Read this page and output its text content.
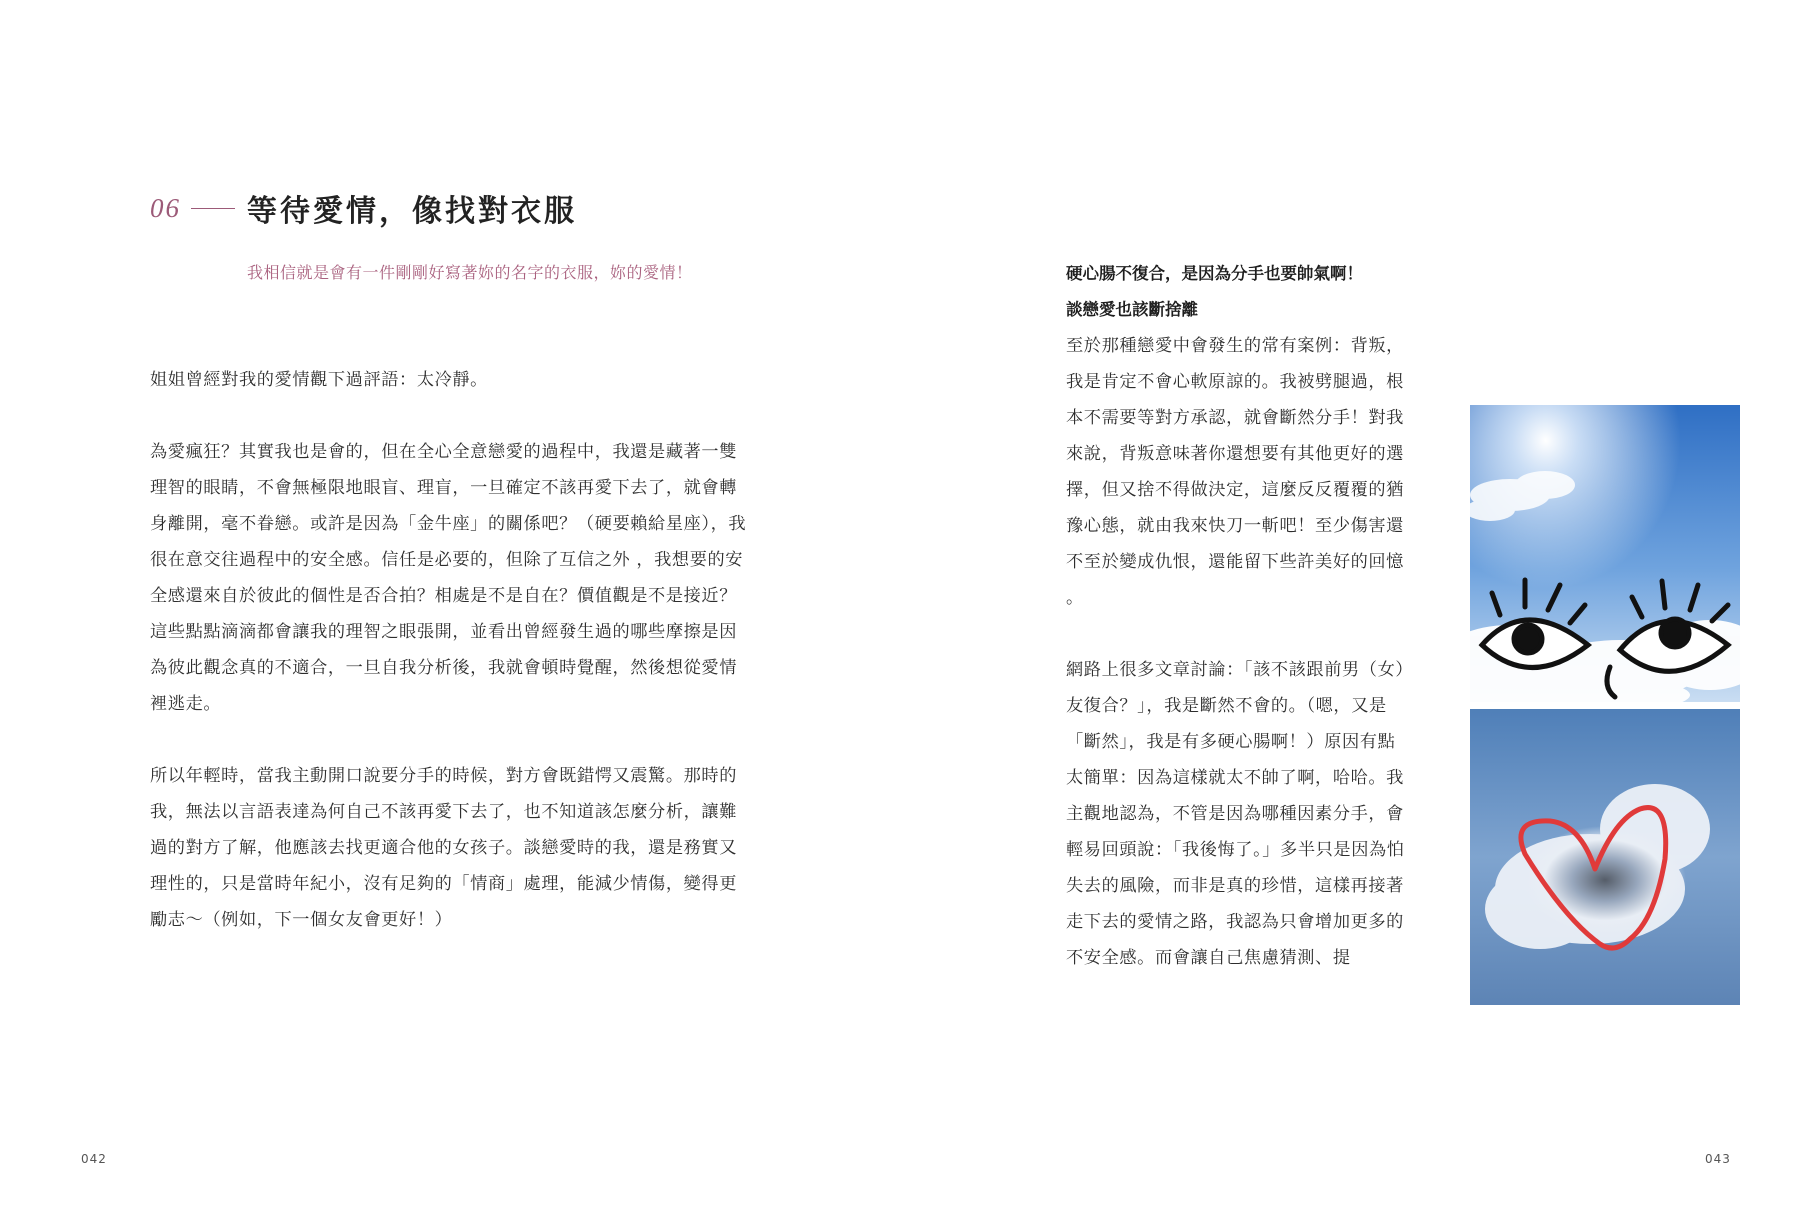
06 等待愛情，像找對衣服
我相信就是會有一件剛剛好寫著妳的名字的衣服，妳的愛情！

姐姐曾經對我的愛情觀下過評語：太冷靜。

為愛瘋狂？其實我也是會的，但在全心全意戀愛的過程中，我還是藏著一雙理智的眼睛，不會無極限地眼盲、理盲，一旦確定不該再愛下去了，就會轉身離開，毫不眷戀。或許是因為「金牛座」的關係吧？（硬要賴給星座），我很在意交往過程中的安全感。信任是必要的，但除了互信之外 ，我想要的安全感還來自於彼此的個性是否合拍？相處是不是自在？價值觀是不是接近？這些點點滴滴都會讓我的理智之眼張開，並看出曾經發生過的哪些摩擦是因為彼此觀念真的不適合，一旦自我分析後，我就會頓時覺醒，然後想從愛情裡逃走。

所以年輕時，當我主動開口說要分手的時候，對方會既錯愕又震驚。那時的我，無法以言語表達為何自己不該再愛下去了，也不知道該怎麼分析，讓難過的對方了解，他應該去找更適合他的女孩子。談戀愛時的我，還是務實又理性的，只是當時年紀小，沒有足夠的「情商」處理，能減少情傷，變得更勵志～（例如，下一個女友會更好！）

042
硬心腸不復合，是因為分手也要帥氣啊！
談戀愛也該斷捨離

至於那種戀愛中會發生的常有案例：背叛，我是肯定不會心軟原諒的。我被劈腿過，根本不需要等對方承認，就會斷然分手！對我來說，背叛意味著你還想要有其他更好的選擇，但又捨不得做決定，這麼反反覆覆的猶豫心態，就由我來快刀一斬吧！至少傷害還不至於變成仇恨，還能留下些許美好的回憶 。

網路上很多文章討論：「該不該跟前男（女）友復合？」，我是斷然不會的。（嗯，又是「斷然」，我是有多硬心腸啊！）原因有點太簡單：因為這樣就太不帥了啊，哈哈。我主觀地認為，不管是因為哪種因素分手，會輕易回頭說：「我後悔了。」多半只是因為怕失去的風險，而非是真的珍惜，這樣再接著走下去的愛情之路，我認為只會增加更多的不安全感。而會讓自己焦慮猜測、提

043
